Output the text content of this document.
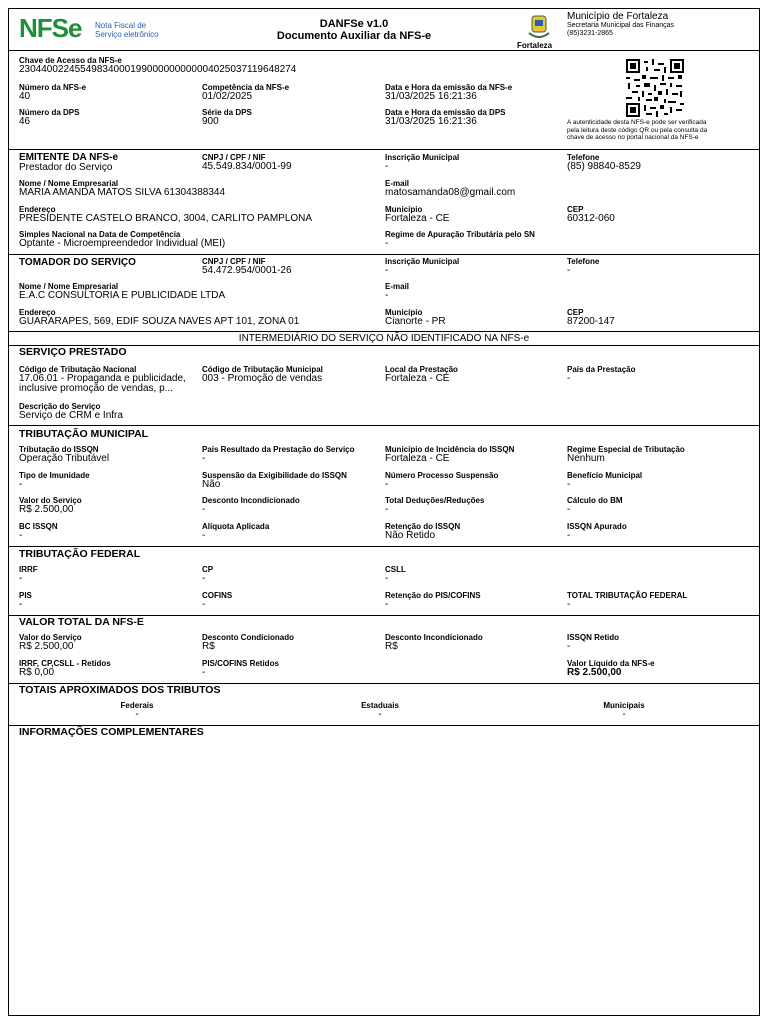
NFSe Nota Fiscal de
Serviço eletrônico
DANFSe v1.0
Documento Auxiliar da NFS-e
Fortaleza
Município de Fortaleza
Secretaria Municipal das Finanças
(85)3231-2865
Chave de Acesso da NFS-e
23044002245549834000199000000000004025037119648274
Número da NFS-e
40
Competência da NFS-e
01/02/2025
Data e Hora da emissão da NFS-e
31/03/2025 16:21:36
Número da DPS
46
Série da DPS
900
Data e Hora da emissão da DPS
31/03/2025 16:21:36	A autenticidade desta NFS-e pode ser verificada
pela leitura deste código QR ou pela consulta da
chave de acesso no portal nacional da NFS-e
EMITENTE DA NFS-e
Prestador do Serviço
CNPJ / CPF / NIF
45.549.834/0001-99
Inscrição Municipal
-
Telefone
(85) 98840-8529
Nome / Nome Empresarial
MARIA AMANDA MATOS SILVA 61304388344
E-mail
matosamanda08@gmail.com
Endereço
PRESIDENTE CASTELO BRANCO, 3004, CARLITO PAMPLONA
Município
Fortaleza - CE
CEP
60312-060
Simples Nacional na Data de Competência
Optante - Microempreendedor Individual (MEI)
Regime de Apuração Tributária pelo SN
-
TOMADOR DO SERVIÇO	CNPJ / CPF / NIF
54.472.954/0001-26
Inscrição Municipal
-
Telefone
-
Nome / Nome Empresarial
E.A.C CONSULTORIA E PUBLICIDADE LTDA
E-mail
-
Endereço
GUARARAPES, 569, EDIF SOUZA NAVES APT 101, ZONA 01
Município
Cianorte - PR
CEP
87200-147
INTERMEDIÁRIO DO SERVIÇO NÃO IDENTIFICADO NA NFS-e
SERVIÇO PRESTADO
Código de Tributação Nacional
17.06.01 - Propaganda e publicidade,
inclusive promoção de vendas, p...
Código de Tributação Municipal
003 - Promoção de vendas
Local da Prestação
Fortaleza - CE
País da Prestação
-
Descrição do Serviço
Serviço de CRM e Infra
TRIBUTAÇÃO MUNICIPAL
Tributação do ISSQN
Operação Tributável
País Resultado da Prestação do Serviço
-
Município de Incidência do ISSQN
Fortaleza - CE
Regime Especial de Tributação
Nenhum
Tipo de Imunidade
-
Suspensão da Exigibilidade do ISSQN
Não
Número Processo Suspensão
-
Benefício Municipal
-
Valor do Serviço
R$ 2.500,00
Desconto Incondicionado
-
Total Deduções/Reduções
-
Cálculo do BM
-
BC ISSQN
-
Alíquota Aplicada
-
Retenção do ISSQN
Não Retido
ISSQN Apurado
-
TRIBUTAÇÃO FEDERAL
IRRF
-
CP
-
CSLL
-
PIS
-
COFINS
-
Retenção do PIS/COFINS
-
TOTAL TRIBUTAÇÃO FEDERAL
-
VALOR TOTAL DA NFS-E
Valor do Serviço
R$ 2.500,00
Desconto Condicionado
R$
Desconto Incondicionado
R$
ISSQN Retido
-
IRRF, CP,CSLL - Retidos
R$ 0,00
PIS/COFINS Retidos
-
Valor Líquido da NFS-e
R$ 2.500,00
TOTAIS APROXIMADOS DOS TRIBUTOS
Federais
-
Estaduais
-
Municipais
-
INFORMAÇÕES COMPLEMENTARES
